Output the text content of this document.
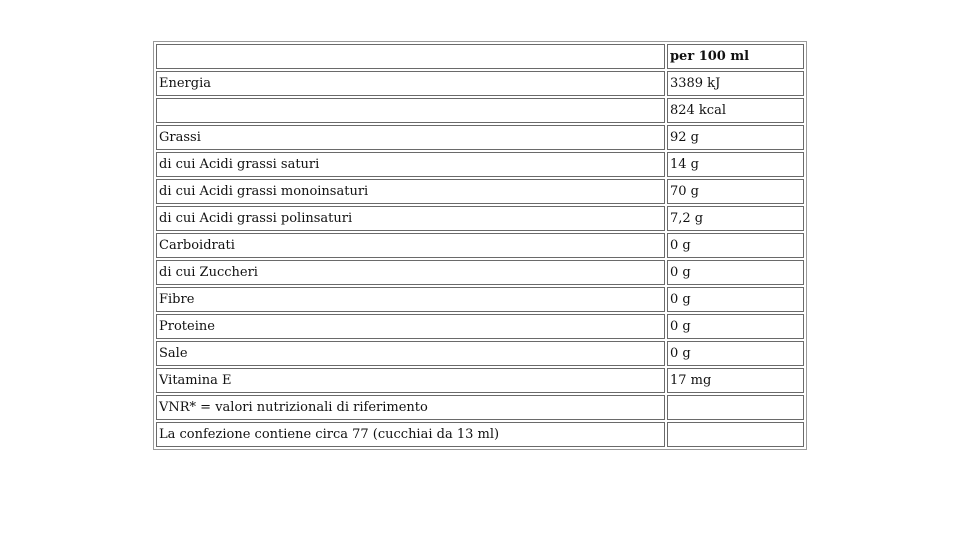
	per 100 ml
Energia	3389 kJ
	824 kcal
Grassi	92 g
di cui Acidi grassi saturi	14 g
di cui Acidi grassi monoinsaturi	70 g
di cui Acidi grassi polinsaturi	7,2 g
Carboidrati	0 g
di cui Zuccheri	0 g
Fibre	0 g
Proteine	0 g
Sale	0 g
Vitamina E	17 mg
VNR* = valori nutrizionali di riferimento	
La confezione contiene circa 77 (cucchiai da 13 ml)	
